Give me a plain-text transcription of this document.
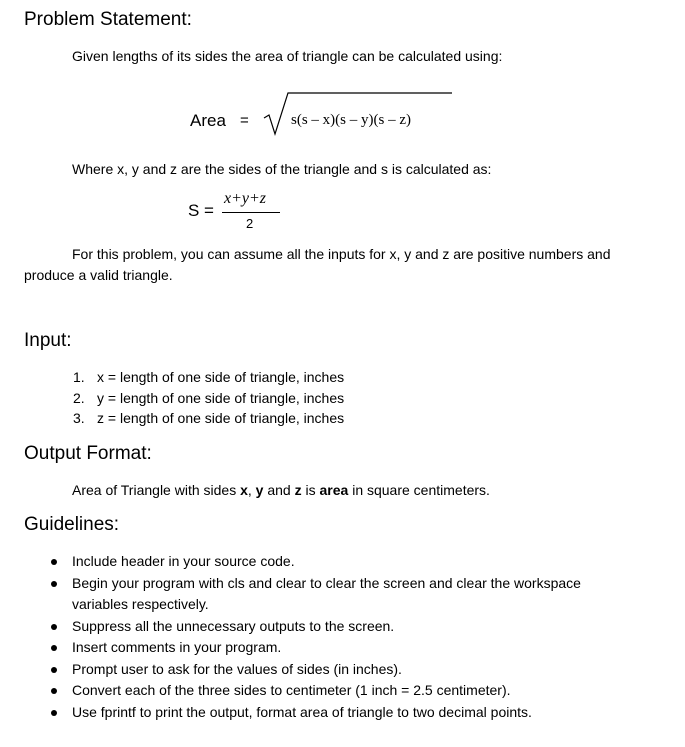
Problem Statement:
Given lengths of its sides the area of triangle can be calculated using:
Area =	s(s – x)(s – y)(s – z)
Where x, y and z are the sides of the triangle and s is calculated as:
S =
x+y+z
2
For this problem, you can assume all the inputs for x, y and z are positive numbers and
produce a valid triangle.
Input:
1. x = length of one side of triangle, inches
2. y = length of one side of triangle, inches
3. z = length of one side of triangle, inches
Output Format:
Area of Triangle with sides x, y and z is area in square centimeters.
Guidelines:
Include header in your source code.
Begin your program with cls and clear to clear the screen and clear the workspace variables respectively.
Suppress all the unnecessary outputs to the screen.
Insert comments in your program.
Prompt user to ask for the values of sides (in inches).
Convert each of the three sides to centimeter (1 inch = 2.5 centimeter).
Use fprintf to print the output, format area of triangle to two decimal points.
